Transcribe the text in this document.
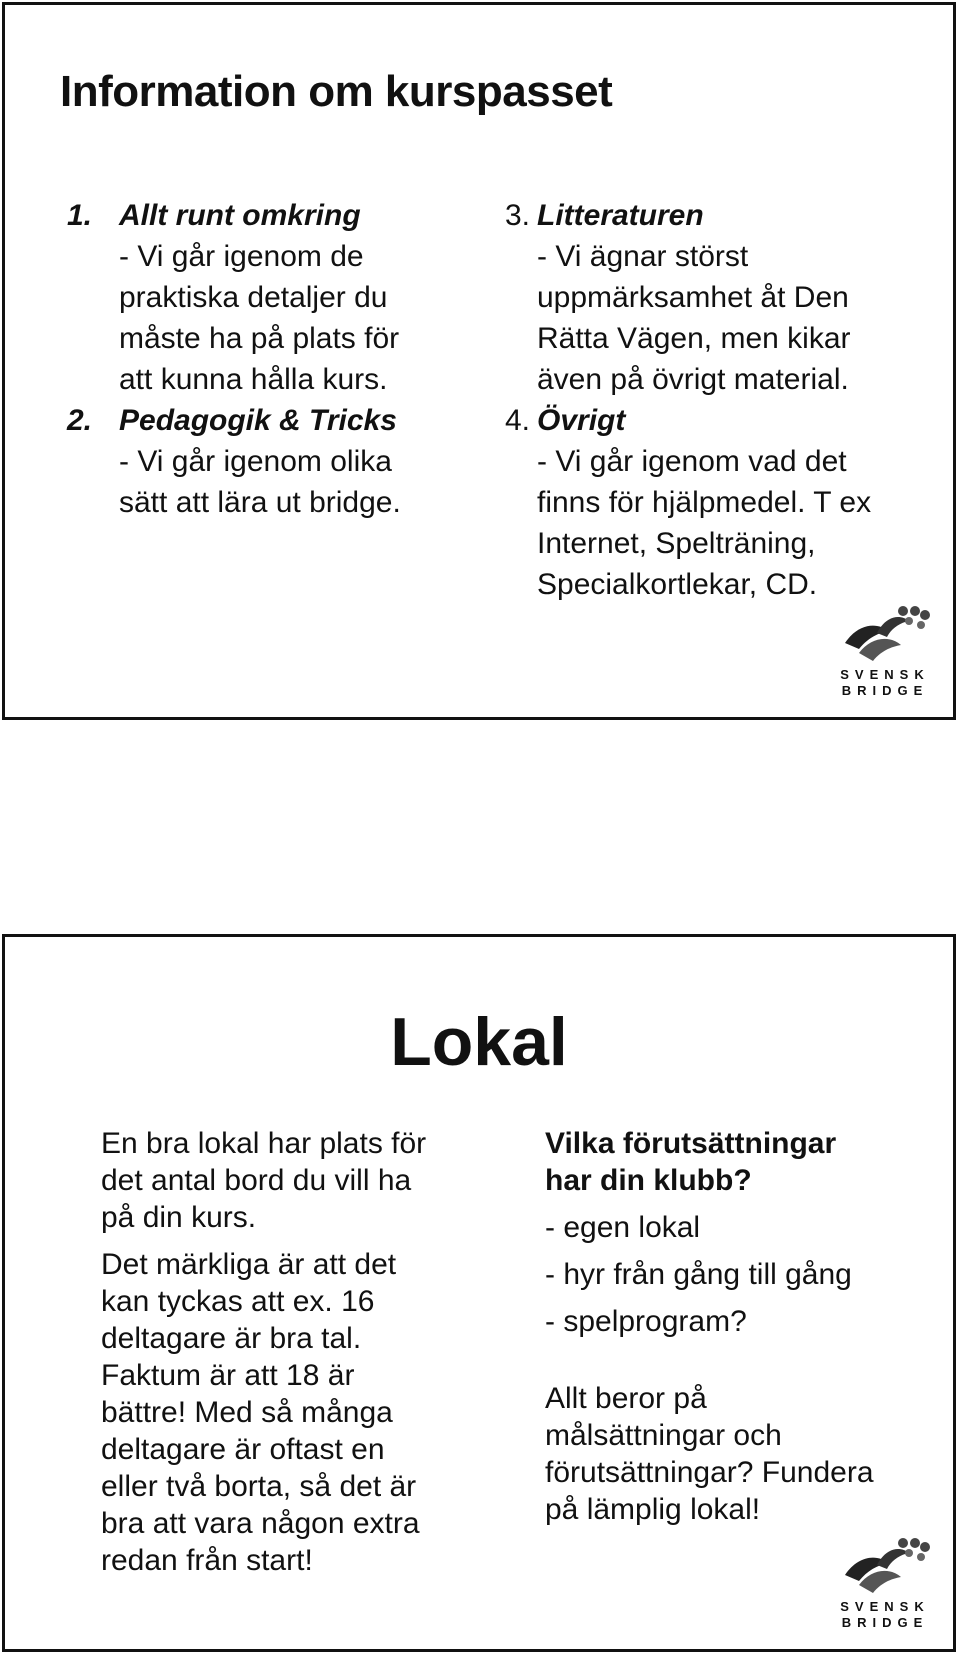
Information om kurspasset

1. Allt runt omkring

- Vi går igenom de

praktiska detaljer du

måste ha på plats för

att kunna hålla kurs.

2. Pedagogik & Tricks

- Vi går igenom olika

sätt att lära ut bridge.

3. Litteraturen

- Vi ägnar störst

uppmärksamhet åt Den

Rätta Vägen, men kikar

även på övrigt material.

4. Övrigt

- Vi går igenom vad det

finns för hjälpmedel. T ex

Internet, Spelträning,

Specialkortlekar, CD.

SVENSK
BRIDGE
Lokal

En bra lokal har plats för

det antal bord du vill ha

på din kurs.

Det märkliga är att det

kan tyckas att ex. 16

deltagare är bra tal.

Faktum är att 18 är

bättre! Med så många

deltagare är oftast en

eller två borta, så det är

bra att vara någon extra

redan från start!

Vilka förutsättningar

har din klubb?

- egen lokal

- hyr från gång till gång

- spelprogram?

Allt beror på

målsättningar och

förutsättningar? Fundera

på lämplig lokal!

SVENSK
BRIDGE
